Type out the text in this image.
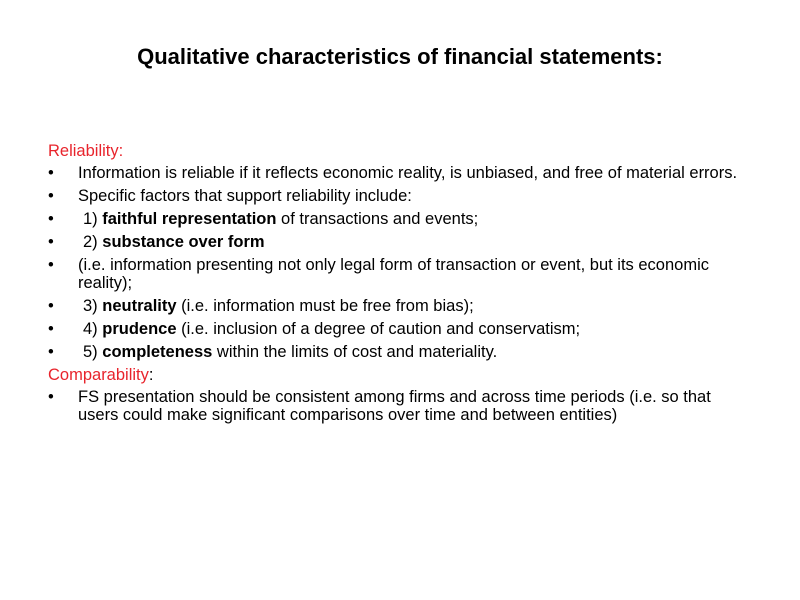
Qualitative characteristics of financial statements:

Reliability:

•	Information is reliable if it reflects economic reality, is unbiased, and free of material errors.
•	Specific factors that support reliability include:
•	1) faithful representation of transactions and events;
•	2) substance over form
•	(i.e. information presenting not only legal form of transaction or event, but its economic reality);
•	3) neutrality (i.e. information must be free from bias);
•	4) prudence (i.e. inclusion of a degree of caution and conservatism;
•	5) completeness within the limits of cost and materiality.

Comparability:

•	FS presentation should be consistent among firms and across time periods (i.e. so that users could make significant comparisons over time and between entities)
